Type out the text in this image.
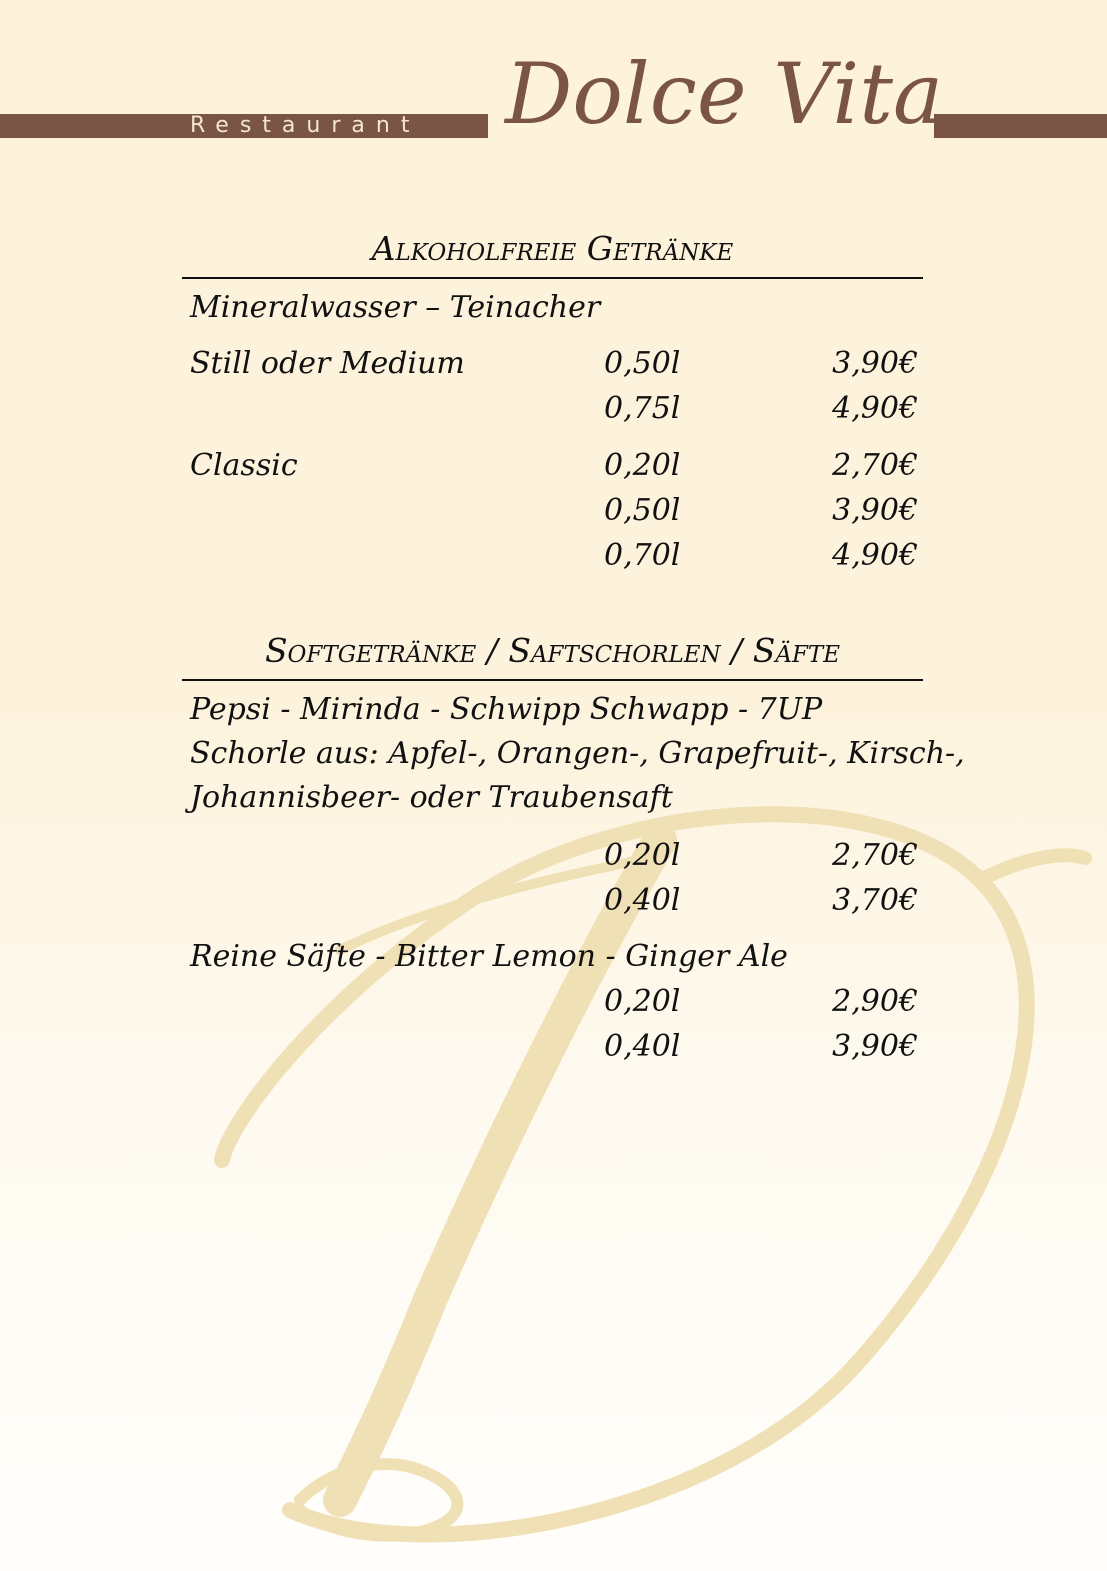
Restaurant Dolce Vita
Alkoholfreie Getränke
Mineralwasser – Teinacher
Still oder Medium	0,50l	3,90€
0,75l	4,90€
Classic	0,20l	2,70€
0,50l	3,90€
0,70l	4,90€
Softgetränke / Saftschorlen / Säfte
Pepsi - Mirinda - Schwipp Schwapp - 7UP
Schorle aus: Apfel-, Orangen-, Grapefruit-, Kirsch-,
Johannisbeer- oder Traubensaft
0,20l	2,70€
0,40l	3,70€
Reine Säfte - Bitter Lemon - Ginger Ale
0,20l	2,90€
0,40l	3,90€
